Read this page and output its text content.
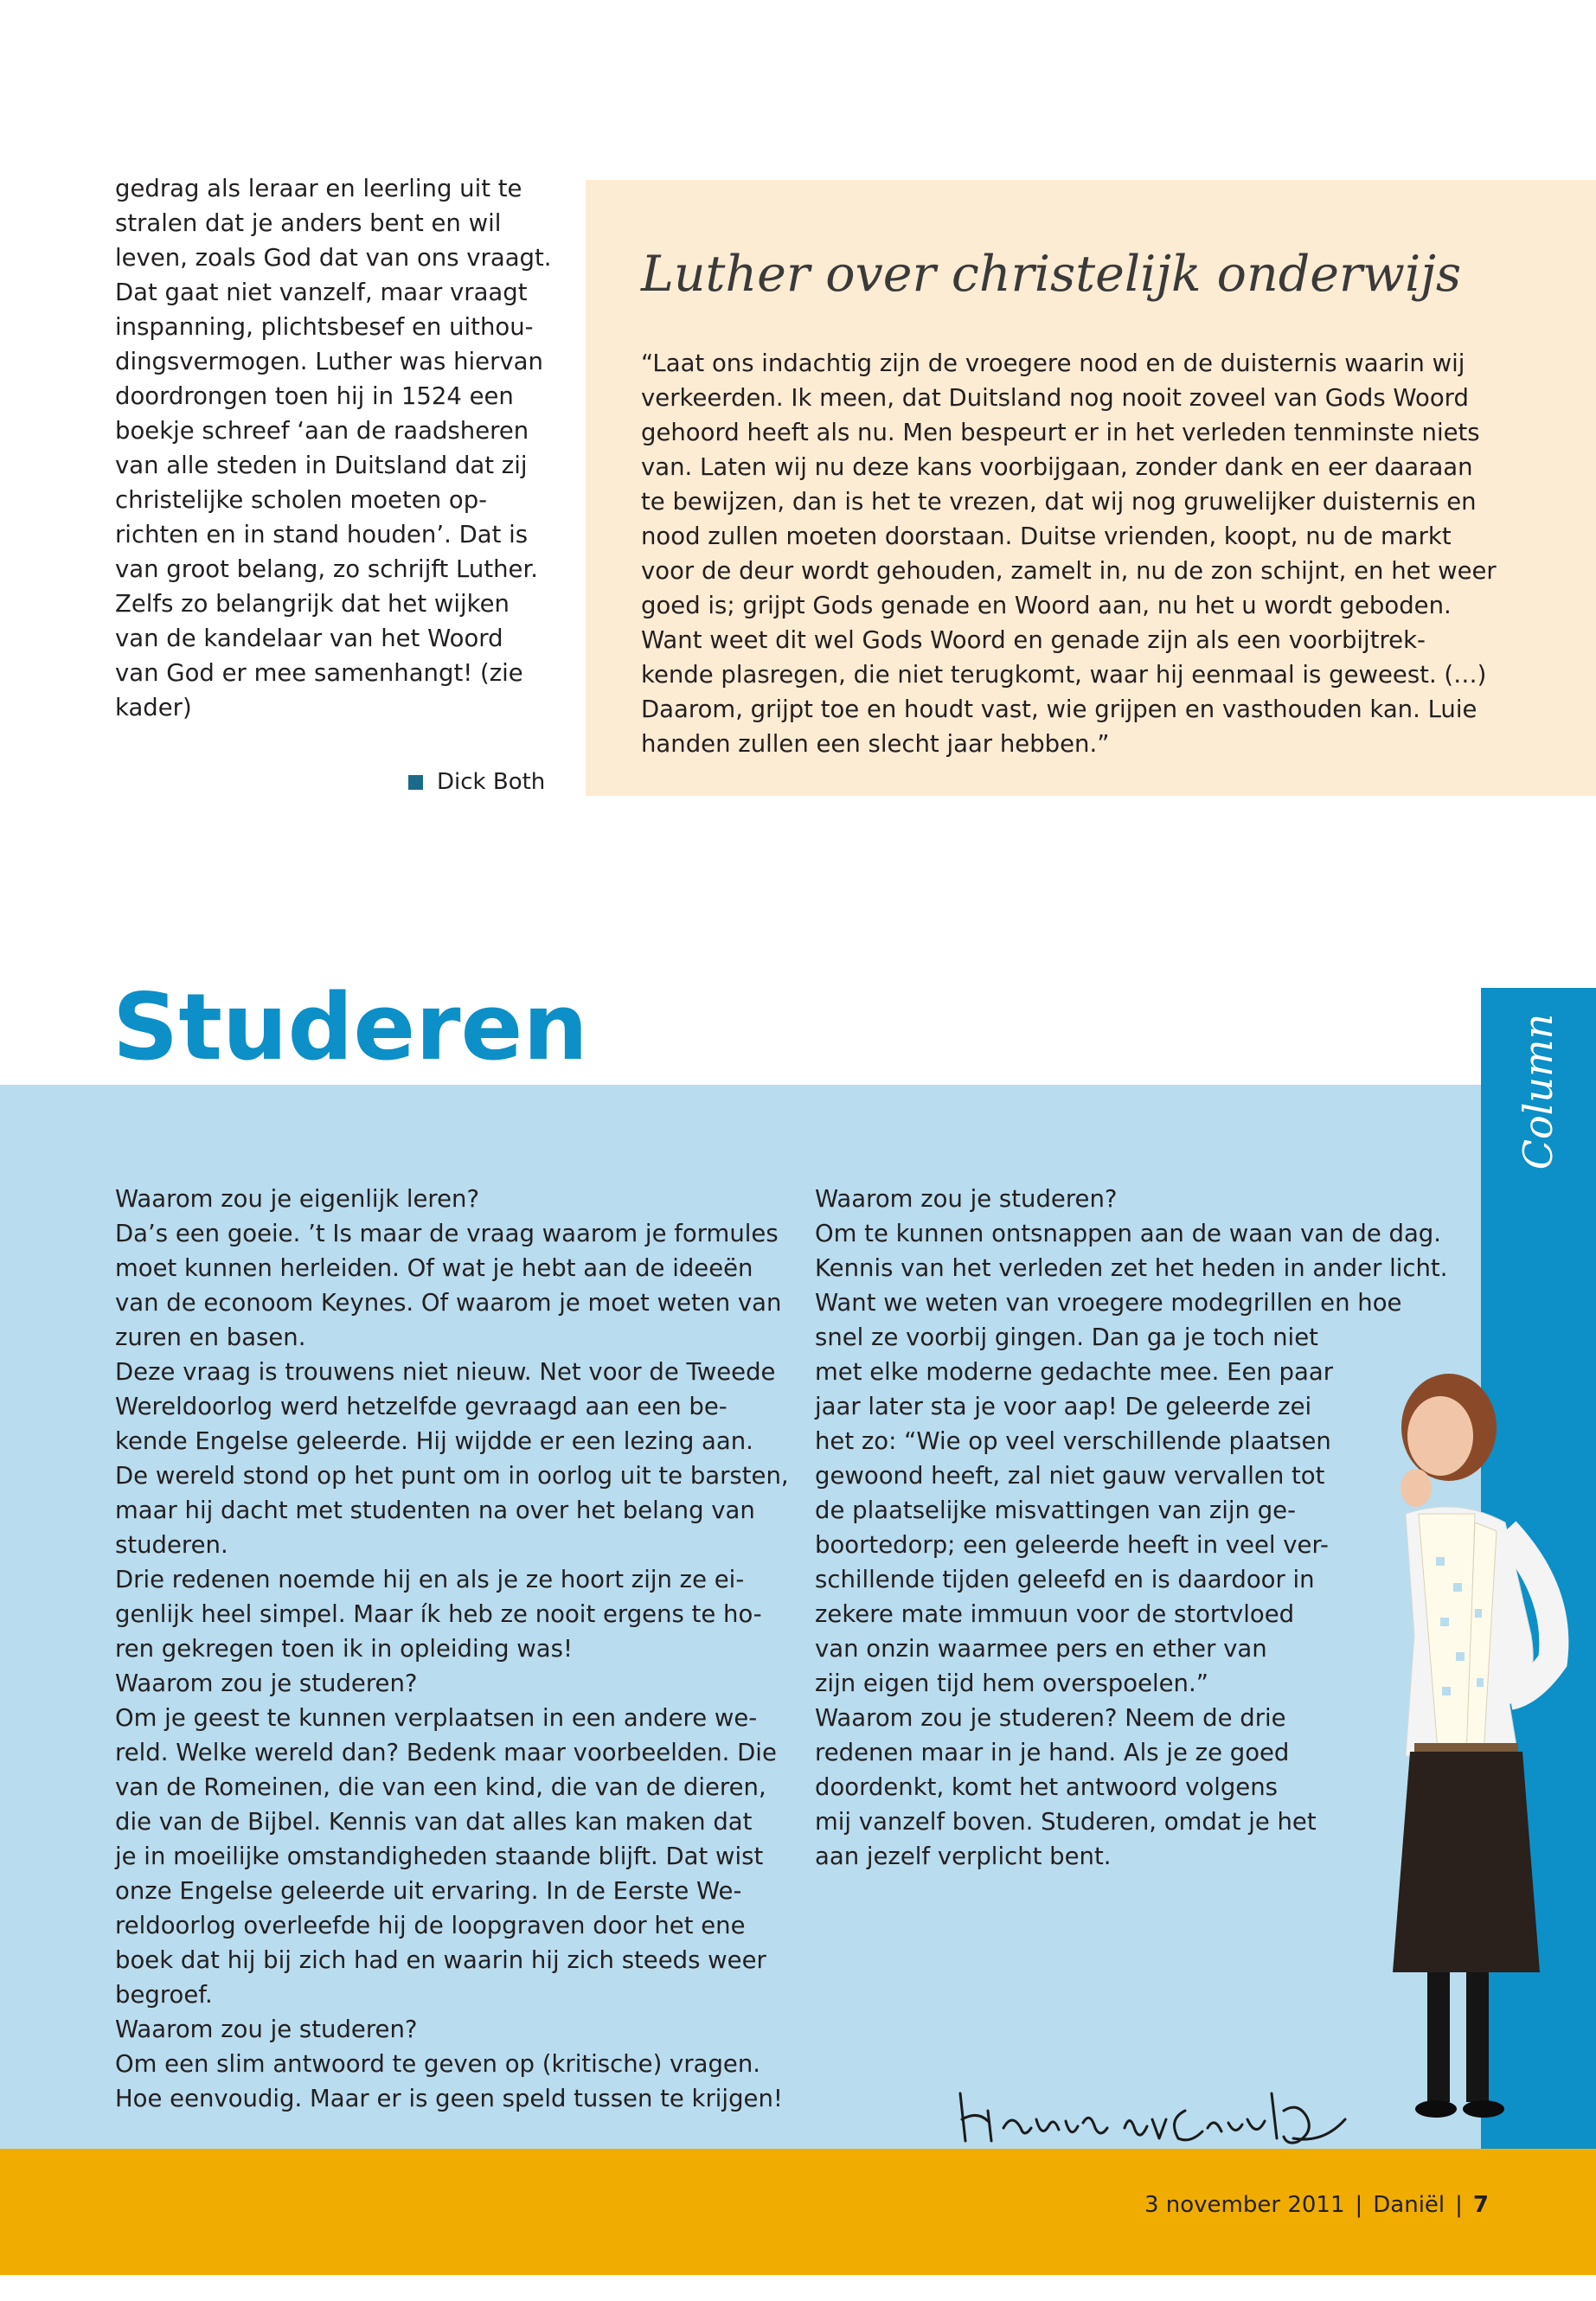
gedrag als leraar en leerling uit te
stralen dat je anders bent en wil
leven, zoals God dat van ons vraagt.
Dat gaat niet vanzelf, maar vraagt
inspanning, plichtsbesef en uithou-
dingsvermogen. Luther was hiervan
doordrongen toen hij in 1524 een
boekje schreef ‘aan de raadsheren
van alle steden in Duitsland dat zij
christelijke scholen moeten op-
richten en in stand houden’. Dat is
van groot belang, zo schrijft Luther.
Zelfs zo belangrijk dat het wijken
van de kandelaar van het Woord
van God er mee samenhangt! (zie
kader)
Dick Both
Luther over christelijk onderwijs
“Laat ons indachtig zijn de vroegere nood en de duisternis waarin wij
verkeerden. Ik meen, dat Duitsland nog nooit zoveel van Gods Woord
gehoord heeft als nu. Men bespeurt er in het verleden tenminste niets
van. Laten wij nu deze kans voorbijgaan, zonder dank en eer daaraan
te bewijzen, dan is het te vrezen, dat wij nog gruwelijker duisternis en
nood zullen moeten doorstaan. Duitse vrienden, koopt, nu de markt
voor de deur wordt gehouden, zamelt in, nu de zon schijnt, en het weer
goed is; grijpt Gods genade en Woord aan, nu het u wordt geboden.
Want weet dit wel Gods Woord en genade zijn als een voorbijtrek-
kende plasregen, die niet terugkomt, waar hij eenmaal is geweest. (…)
Daarom, grijpt toe en houdt vast, wie grijpen en vasthouden kan. Luie
handen zullen een slecht jaar hebben.”
Column
Studeren
Waarom zou je eigenlijk leren?
Da’s een goeie. ’t Is maar de vraag waarom je formules
moet kunnen herleiden. Of wat je hebt aan de ideeën
van de econoom Keynes. Of waarom je moet weten van
zuren en basen.
Deze vraag is trouwens niet nieuw. Net voor de Tweede
Wereldoorlog werd hetzelfde gevraagd aan een be-
kende Engelse geleerde. Hij wijdde er een lezing aan.
De wereld stond op het punt om in oorlog uit te barsten,
maar hij dacht met studenten na over het belang van
studeren.
Drie redenen noemde hij en als je ze hoort zijn ze ei-
genlijk heel simpel. Maar ík heb ze nooit ergens te ho-
ren gekregen toen ik in opleiding was!
Waarom zou je studeren?
Om je geest te kunnen verplaatsen in een andere we-
reld. Welke wereld dan? Bedenk maar voorbeelden. Die
van de Romeinen, die van een kind, die van de dieren,
die van de Bijbel. Kennis van dat alles kan maken dat
je in moeilijke omstandigheden staande blijft. Dat wist
onze Engelse geleerde uit ervaring. In de Eerste We-
reldoorlog overleefde hij de loopgraven door het ene
boek dat hij bij zich had en waarin hij zich steeds weer
begroef.
Waarom zou je studeren?
Om een slim antwoord te geven op (kritische) vragen.
Hoe eenvoudig. Maar er is geen speld tussen te krijgen!
Waarom zou je studeren?
Om te kunnen ontsnappen aan de waan van de dag.
Kennis van het verleden zet het heden in ander licht.
Want we weten van vroegere modegrillen en hoe
snel ze voorbij gingen. Dan ga je toch niet
met elke moderne gedachte mee. Een paar
jaar later sta je voor aap! De geleerde zei
het zo: “Wie op veel verschillende plaatsen
gewoond heeft, zal niet gauw vervallen tot
de plaatselijke misvattingen van zijn ge-
boortedorp; een geleerde heeft in veel ver-
schillende tijden geleefd en is daardoor in
zekere mate immuun voor de stortvloed
van onzin waarmee pers en ether van
zijn eigen tijd hem overspoelen.”
Waarom zou je studeren? Neem de drie
redenen maar in je hand. Als je ze goed
doordenkt, komt het antwoord volgens
mij vanzelf boven. Studeren, omdat je het
aan jezelf verplicht bent.
3 november 2011 | Daniël | 7
